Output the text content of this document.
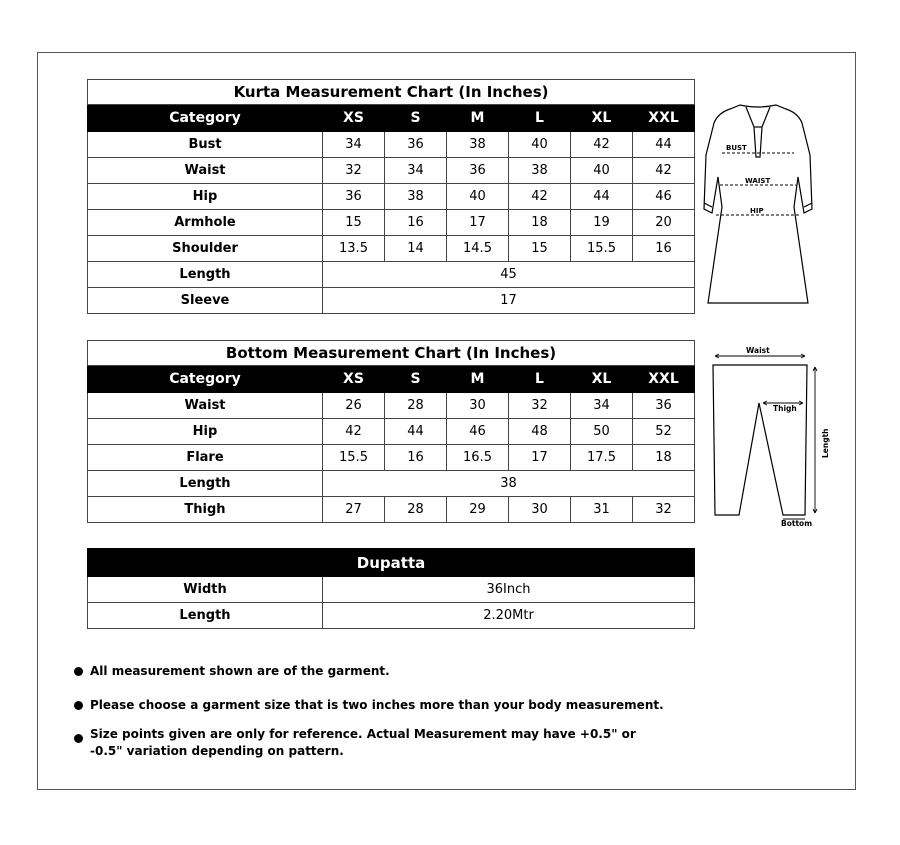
Kurta Measurement Chart (In Inches)						
Category	XS	S	M	L	XL	XXL
Bust	34	36	38	40	42	44
Waist	32	34	36	38	40	42
Hip	36	38	40	42	44	46
Armhole	15	16	17	18	19	20
Shoulder	13.5	14	14.5	15	15.5	16
Length	45					
Sleeve	17					
Bottom Measurement Chart (In Inches)						
Category	XS	S	M	L	XL	XXL
Waist	26	28	30	32	34	36
Hip	42	44	46	48	50	52
Flare	15.5	16	16.5	17	17.5	18
Length	38					
Thigh	27	28	29	30	31	32
Dupatta	
Width	36Inch
Length	2.20Mtr
BUST
WAIST
HIP
Waist
Thigh
Length
Bottom
All measurement shown are of the garment.
Please choose a garment size that is two inches more than your body measurement.
Size points given are only for reference. Actual Measurement may have +0.5" or -0.5" variation depending on pattern.
